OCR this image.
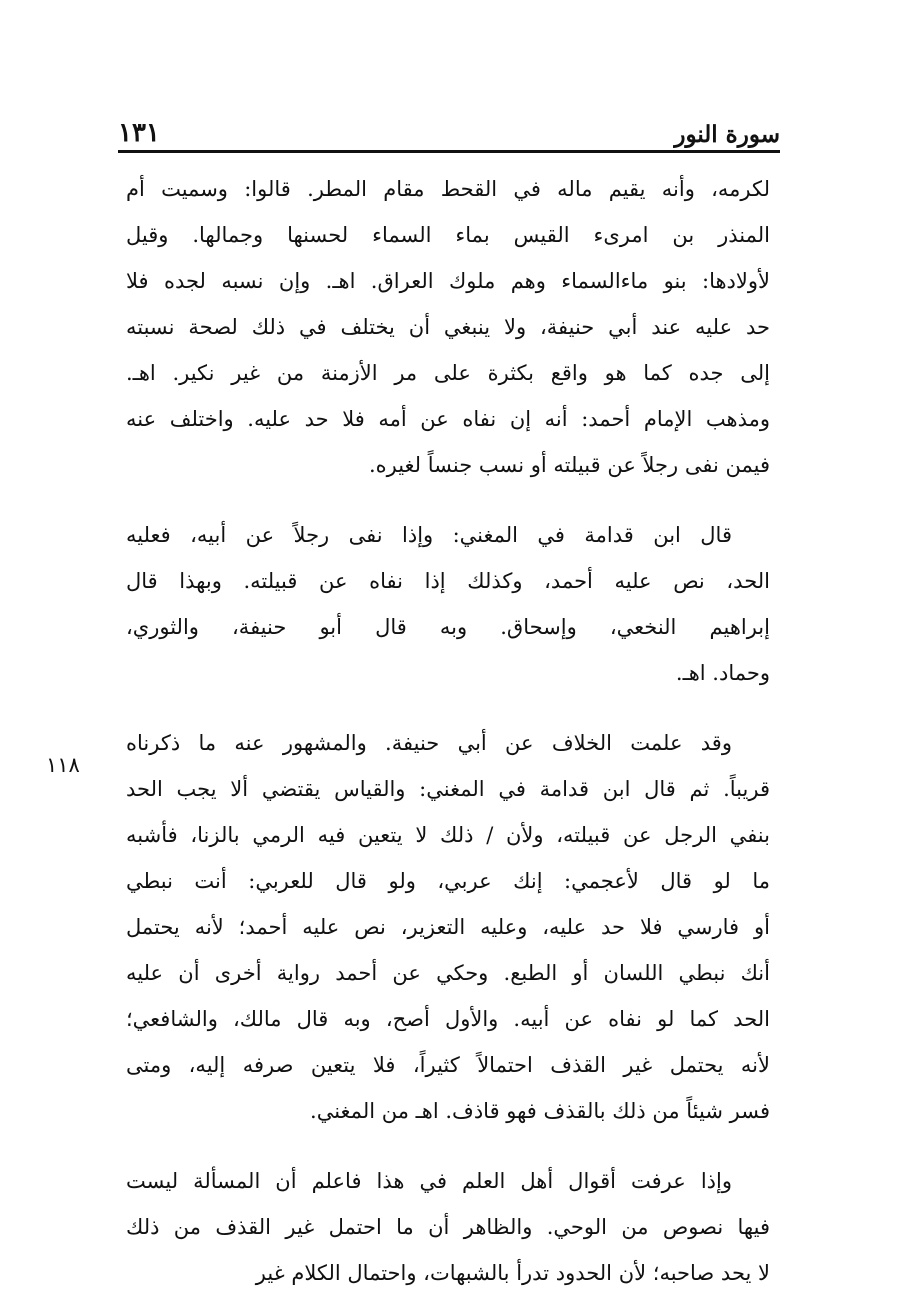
سورة النور
١٣١
١١٨
لكرمه، وأنه يقيم ماله في القحط مقام المطر. قالوا: وسميت أم
المنذر بن امرىء القيس بماء السماء لحسنها وجمالها. وقيل
لأولادها: بنو ماءالسماء وهم ملوك العراق. اهـ. وإن نسبه لجده فلا
حد عليه عند أبي حنيفة، ولا ينبغي أن يختلف في ذلك لصحة نسبته
إلى جده كما هو واقع بكثرة على مر الأزمنة من غير نكير. اهـ.
ومذهب الإمام أحمد: أنه إن نفاه عن أمه فلا حد عليه. واختلف عنه
فيمن نفى رجلاً عن قبيلته أو نسب جنساً لغيره.
قال ابن قدامة في المغني: وإذا نفى رجلاً عن أبيه، فعليه
الحد، نص عليه أحمد، وكذلك إذا نفاه عن قبيلته. وبهذا قال
إبراهيم النخعي، وإسحاق. وبه قال أبو حنيفة، والثوري،
وحماد. اهـ.
وقد علمت الخلاف عن أبي حنيفة. والمشهور عنه ما ذكرناه
قريباً. ثم قال ابن قدامة في المغني: والقياس يقتضي ألا يجب الحد
بنفي الرجل عن قبيلته، ولأن / ذلك لا يتعين فيه الرمي بالزنا، فأشبه
ما لو قال لأعجمي: إنك عربي، ولو قال للعربي: أنت نبطي
أو فارسي فلا حد عليه، وعليه التعزير، نص عليه أحمد؛ لأنه يحتمل
أنك نبطي اللسان أو الطبع. وحكي عن أحمد رواية أخرى أن عليه
الحد كما لو نفاه عن أبيه. والأول أصح، وبه قال مالك، والشافعي؛
لأنه يحتمل غير القذف احتمالاً كثيراً، فلا يتعين صرفه إليه، ومتى
فسر شيئاً من ذلك بالقذف فهو قاذف. اهـ من المغني.
وإذا عرفت أقوال أهل العلم في هذا فاعلم أن المسألة ليست
فيها نصوص من الوحي. والظاهر أن ما احتمل غير القذف من ذلك
لا يحد صاحبه؛ لأن الحدود تدرأ بالشبهات، واحتمال الكلام غير
